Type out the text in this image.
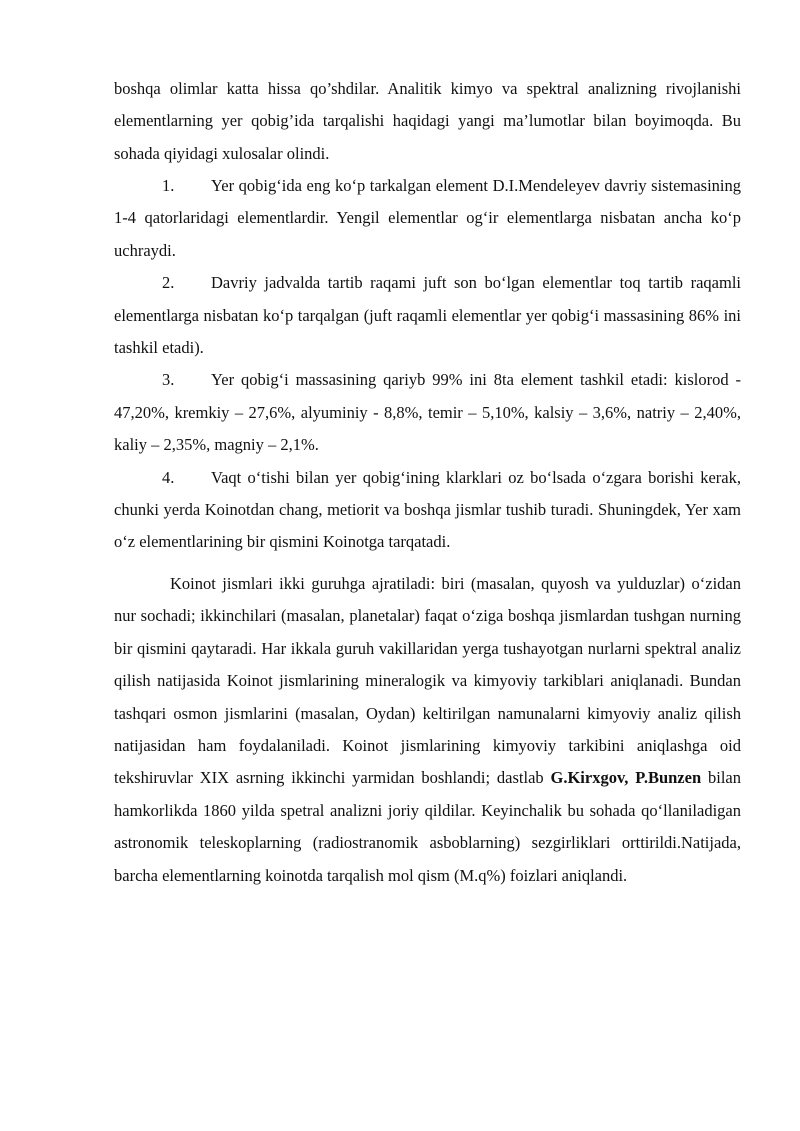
boshqa olimlar katta hissa qo’shdilar. Analitik kimyo va spektral analizning rivojlanishi elementlarning yer qobig’ida tarqalishi haqidagi yangi ma’lumotlar bilan boyimoqda. Bu sohada qiyidagi xulosalar olindi.

1. Yer qobig‘ida eng ko‘p tarkalgan element D.I.Mendeleyev davriy sistemasining 1-4 qatorlaridagi elementlardir. Yengil elementlar og‘ir elementlarga nisbatan ancha ko‘p uchraydi.

2. Davriy jadvalda tartib raqami juft son bo‘lgan elementlar toq tartib raqamli elementlarga nisbatan ko‘p tarqalgan (juft raqamli elementlar yer qobig‘i massasining 86% ini tashkil etadi).

3. Yer qobig‘i massasining qariyb 99% ini 8ta element tashkil etadi: kislorod - 47,20%, kremkiy – 27,6%, alyuminiy - 8,8%, temir – 5,10%, kalsiy – 3,6%, natriy – 2,40%, kaliy – 2,35%, magniy – 2,1%.

4. Vaqt o‘tishi bilan yer qobig‘ining klarklari oz bo‘lsada o‘zgara borishi kerak, chunki yerda Koinotdan chang, metiorit va boshqa jismlar tushib turadi. Shuningdek, Yer xam o‘z elementlarining bir qismini Koinotga tarqatadi.

Koinot jismlari ikki guruhga ajratiladi: biri (masalan, quyosh va yulduzlar) o‘zidan nur sochadi; ikkinchilari (masalan, planetalar) faqat o‘ziga boshqa jismlardan tushgan nurning bir qismini qaytaradi. Har ikkala guruh vakillaridan yerga tushayotgan nurlarni spektral analiz qilish natijasida Koinot jismlarining mineralogik va kimyoviy tarkiblari aniqlanadi. Bundan tashqari osmon jismlarini (masalan, Oydan) keltirilgan namunalarni kimyoviy analiz qilish natijasidan ham foydalaniladi. Koinot jismlarining kimyoviy tarkibini aniqlashga oid tekshiruvlar XIX asrning ikkinchi yarmidan boshlandi; dastlab G.Kirxgov, P.Bunzen bilan hamkorlikda 1860 yilda spetral analizni joriy qildilar. Keyinchalik bu sohada qo‘llaniladigan astronomik teleskoplarning (radiostranomik asboblarning) sezgirliklari orttirildi.Natijada, barcha elementlarning koinotda tarqalish mol qism (M.q%) foizlari aniqlandi.
